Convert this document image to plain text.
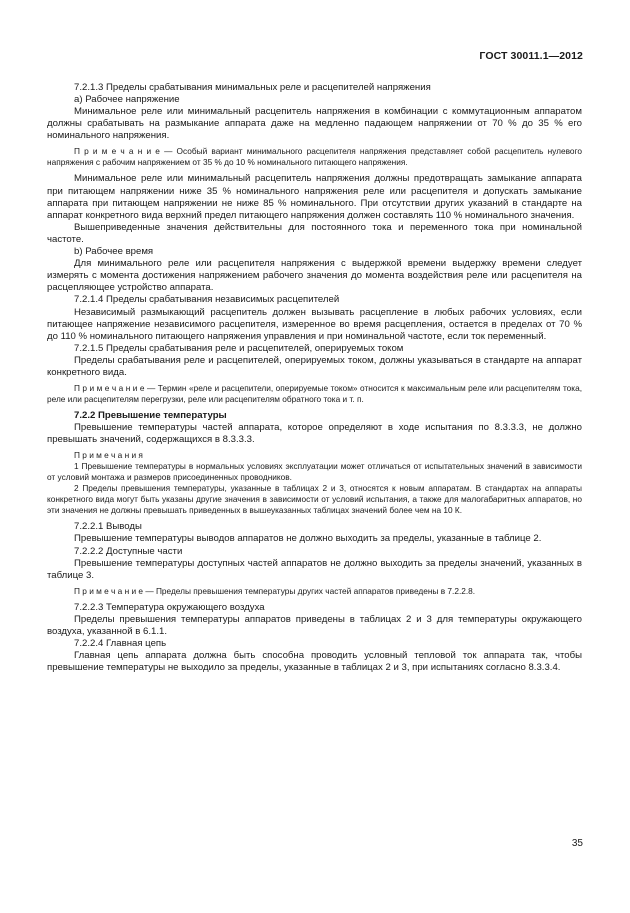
ГОСТ 30011.1—2012

7.2.1.3 Пределы срабатывания минимальных реле и расцепителей напряжения

a) Рабочее напряжение

Минимальное реле или минимальный расцепитель напряжения в комбинации с коммутационным аппаратом должны срабатывать на размыкание аппарата даже на медленно падающем напряжении от 70 % до 35 % его номинального напряжения.

П р и м е ч а н и е — Особый вариант минимального расцепителя напряжения представляет собой расцепитель нулевого напряжения с рабочим напряжением от 35 % до 10 % номинального питающего напряжения.

Минимальное реле или минимальный расцепитель напряжения должны предотвращать замыкание аппарата при питающем напряжении ниже 35 % номинального напряжения реле или расцепителя и допускать замыкание аппарата при питающем напряжении не ниже 85 % номинального. При отсутствии других указаний в стандарте на аппарат конкретного вида верхний предел питающего напряжения должен составлять 110 % номинального значения.

Вышеприведенные значения действительны для постоянного тока и переменного тока при номинальной частоте.

b) Рабочее время

Для минимального реле или расцепителя напряжения с выдержкой времени выдержку времени следует измерять с момента достижения напряжением рабочего значения до момента воздействия реле или расцепителя на расцепляющее устройство аппарата.

7.2.1.4 Пределы срабатывания независимых расцепителей

Независимый размыкающий расцепитель должен вызывать расцепление в любых рабочих условиях, если питающее напряжение независимого расцепителя, измеренное во время расцепления, остается в пределах от 70 % до 110 % номинального питающего напряжения управления и при номинальной частоте, если ток переменный.

7.2.1.5 Пределы срабатывания реле и расцепителей, оперируемых током

Пределы срабатывания реле и расцепителей, оперируемых током, должны указываться в стандарте на аппарат конкретного вида.

П р и м е ч а н и е — Термин «реле и расцепители, оперируемые током» относится к максимальным реле или расцепителям тока, реле или расцепителям перегрузки, реле или расцепителям обратного тока и т. п.

7.2.2 Превышение температуры

Превышение температуры частей аппарата, которое определяют в ходе испытания по 8.3.3.3, не должно превышать значений, содержащихся в 8.3.3.3.

П р и м е ч а н и я

1 Превышение температуры в нормальных условиях эксплуатации может отличаться от испытательных значений в зависимости от условий монтажа и размеров присоединенных проводников.

2 Пределы превышения температуры, указанные в таблицах 2 и 3, относятся к новым аппаратам. В стандартах на аппараты конкретного вида могут быть указаны другие значения в зависимости от условий испытания, а также для малогабаритных аппаратов, но эти значения не должны превышать приведенных в вышеуказанных таблицах значений более чем на 10 К.

7.2.2.1 Выводы

Превышение температуры выводов аппаратов не должно выходить за пределы, указанные в таблице 2.

7.2.2.2 Доступные части

Превышение температуры доступных частей аппаратов не должно выходить за пределы значений, указанных в таблице 3.

П р и м е ч а н и е — Пределы превышения температуры других частей аппаратов приведены в 7.2.2.8.

7.2.2.3 Температура окружающего воздуха

Пределы превышения температуры аппаратов приведены в таблицах 2 и 3 для температуры окружающего воздуха, указанной в 6.1.1.

7.2.2.4 Главная цепь

Главная цепь аппарата должна быть способна проводить условный тепловой ток аппарата так, чтобы превышение температуры не выходило за пределы, указанные в таблицах 2 и 3, при испытаниях согласно 8.3.3.4.

35
